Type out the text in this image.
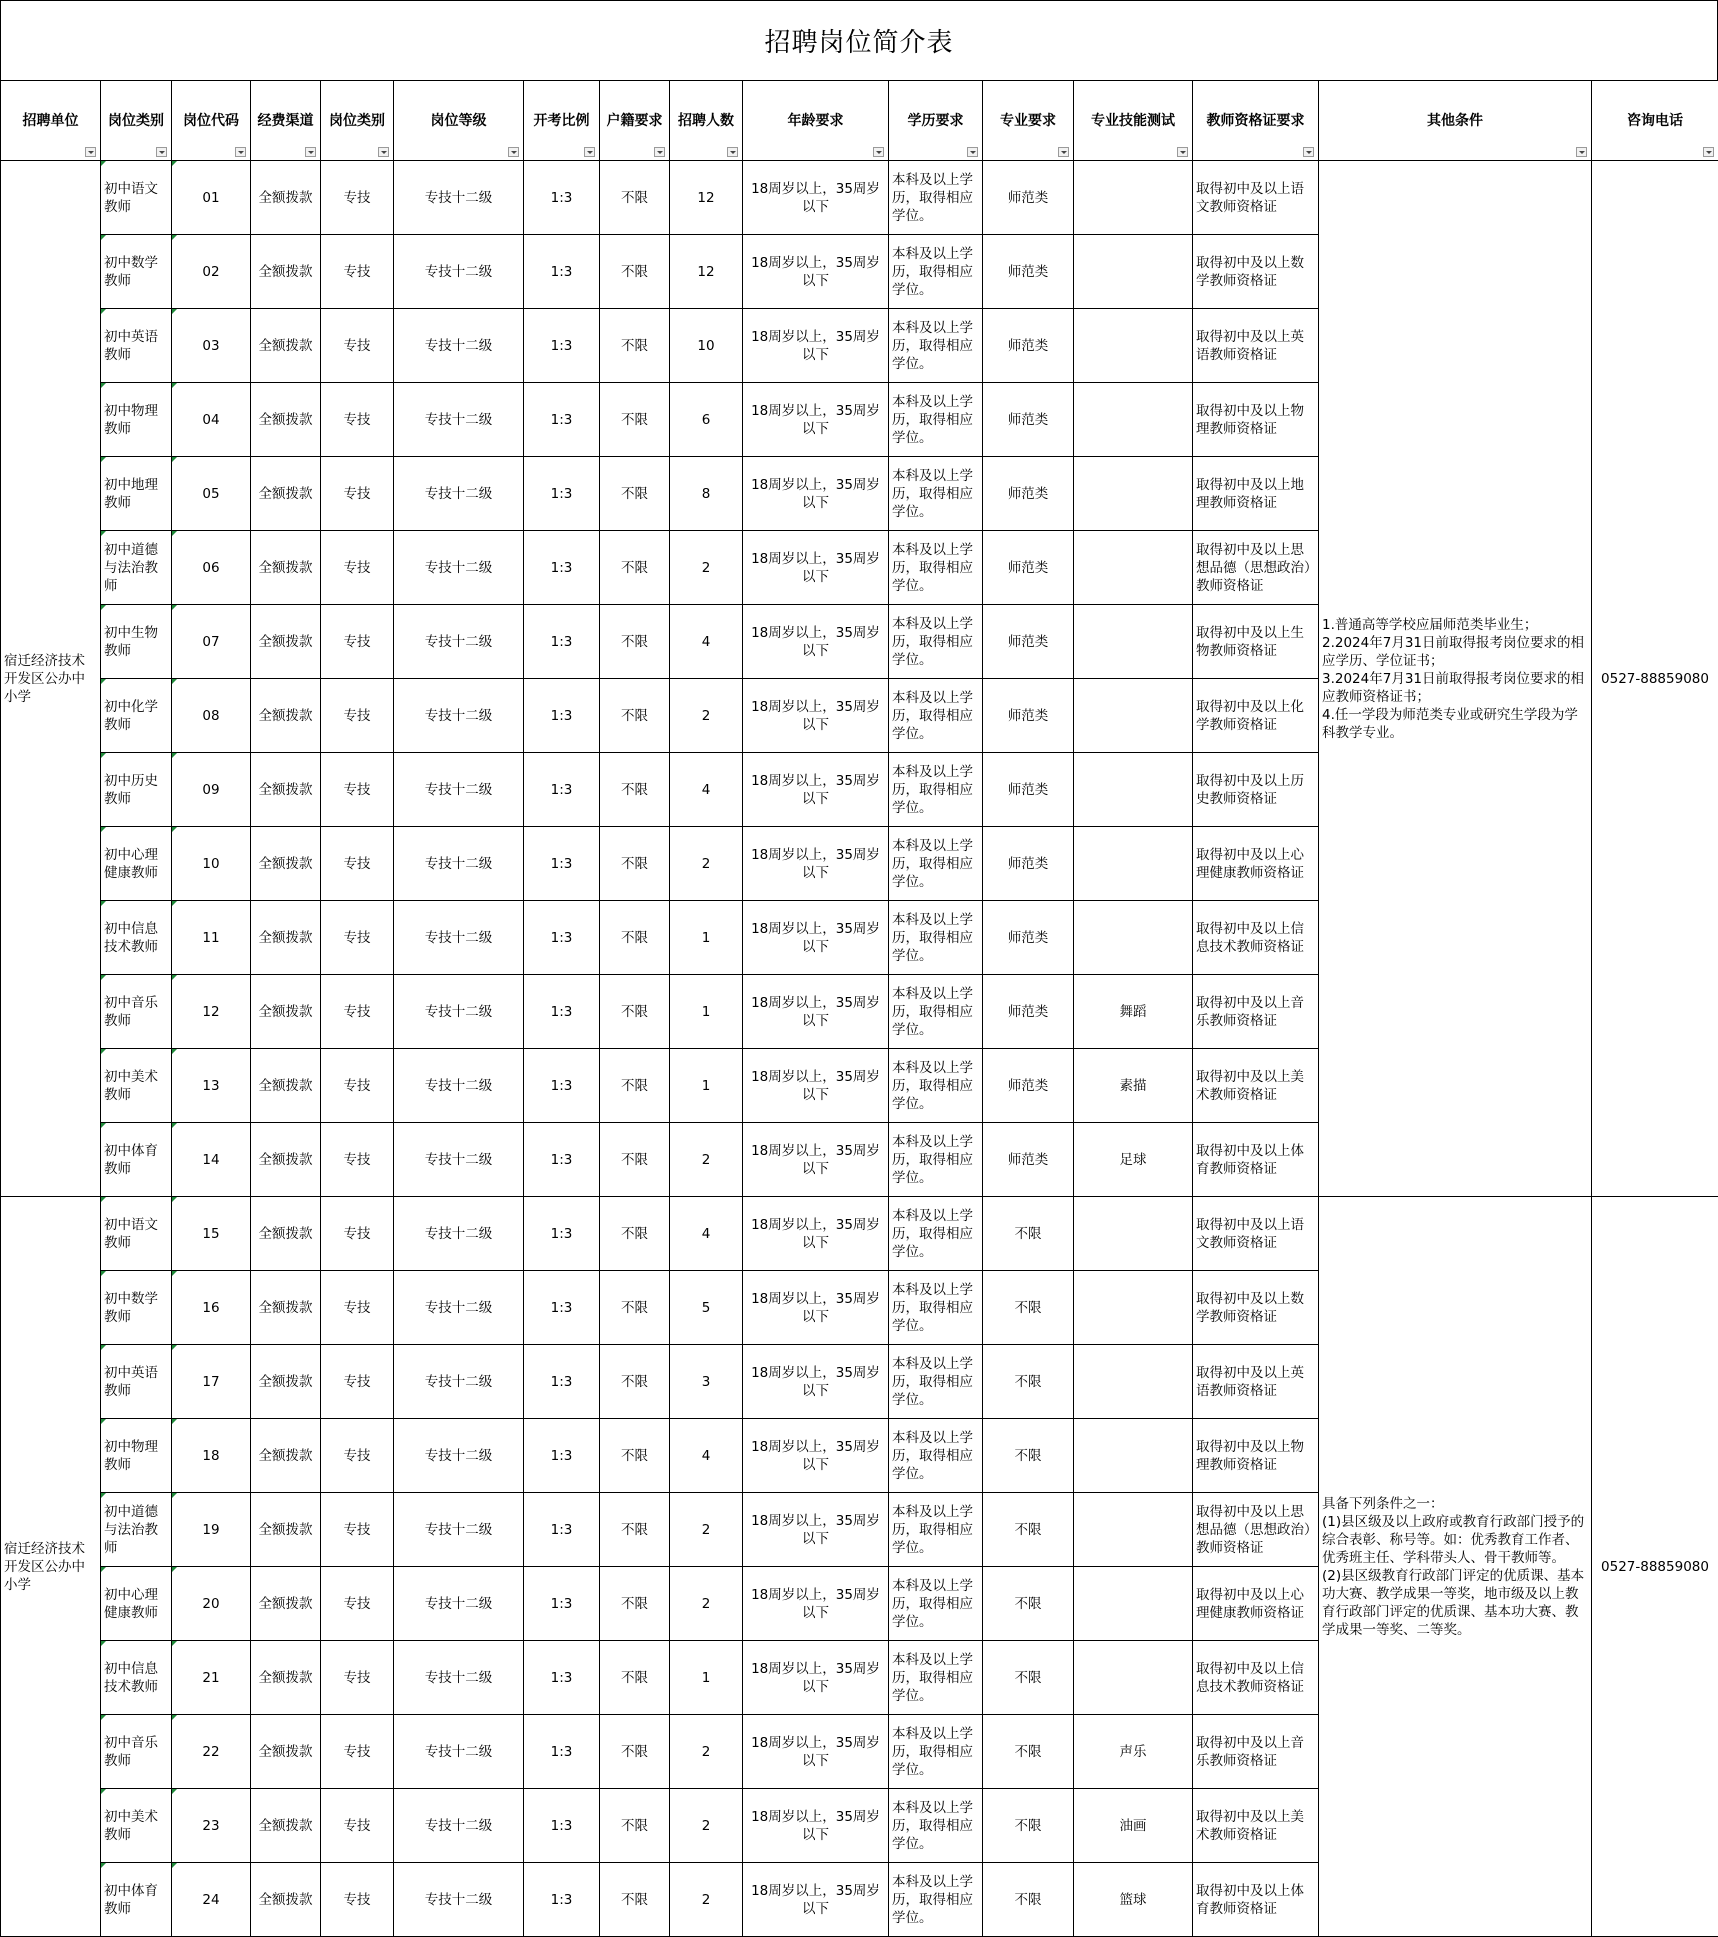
招聘岗位简介表
招聘单位	岗位类别	岗位代码	经费渠道	岗位类别	岗位等级	开考比例	户籍要求	招聘人数	年龄要求	学历要求	专业要求	专业技能测试	教师资格证要求	其他条件	咨询电话

宿迁经济技术开发区公办中小学	初中语文教师	01	全额拨款	专技	专技十二级	1:3	不限	12	18周岁以上，35周岁以下	本科及以上学历，取得相应学位。	师范类		取得初中及以上语文教师资格证	1.普通高等学校应届师范类毕业生；
2.2024年7月31日前取得报考岗位要求的相应学历、学位证书；
3.2024年7月31日前取得报考岗位要求的相应教师资格证书；
4.任一学段为师范类专业或研究生学段为学科教学专业。	0527-88859080
	初中数学教师	02	全额拨款	专技	专技十二级	1:3	不限	12	18周岁以上，35周岁以下	本科及以上学历，取得相应学位。	师范类		取得初中及以上数学教师资格证		
	初中英语教师	03	全额拨款	专技	专技十二级	1:3	不限	10	18周岁以上，35周岁以下	本科及以上学历，取得相应学位。	师范类		取得初中及以上英语教师资格证		
	初中物理教师	04	全额拨款	专技	专技十二级	1:3	不限	6	18周岁以上，35周岁以下	本科及以上学历，取得相应学位。	师范类		取得初中及以上物理教师资格证		
	初中地理教师	05	全额拨款	专技	专技十二级	1:3	不限	8	18周岁以上，35周岁以下	本科及以上学历，取得相应学位。	师范类		取得初中及以上地理教师资格证		
	初中道德与法治教师	06	全额拨款	专技	专技十二级	1:3	不限	2	18周岁以上，35周岁以下	本科及以上学历，取得相应学位。	师范类		取得初中及以上思想品德（思想政治）教师资格证		
	初中生物教师	07	全额拨款	专技	专技十二级	1:3	不限	4	18周岁以上，35周岁以下	本科及以上学历，取得相应学位。	师范类		取得初中及以上生物教师资格证		
	初中化学教师	08	全额拨款	专技	专技十二级	1:3	不限	2	18周岁以上，35周岁以下	本科及以上学历，取得相应学位。	师范类		取得初中及以上化学教师资格证		
	初中历史教师	09	全额拨款	专技	专技十二级	1:3	不限	4	18周岁以上，35周岁以下	本科及以上学历，取得相应学位。	师范类		取得初中及以上历史教师资格证		
	初中心理健康教师	10	全额拨款	专技	专技十二级	1:3	不限	2	18周岁以上，35周岁以下	本科及以上学历，取得相应学位。	师范类		取得初中及以上心理健康教师资格证		
	初中信息技术教师	11	全额拨款	专技	专技十二级	1:3	不限	1	18周岁以上，35周岁以下	本科及以上学历，取得相应学位。	师范类		取得初中及以上信息技术教师资格证		
	初中音乐教师	12	全额拨款	专技	专技十二级	1:3	不限	1	18周岁以上，35周岁以下	本科及以上学历，取得相应学位。	师范类	舞蹈	取得初中及以上音乐教师资格证		
	初中美术教师	13	全额拨款	专技	专技十二级	1:3	不限	1	18周岁以上，35周岁以下	本科及以上学历，取得相应学位。	师范类	素描	取得初中及以上美术教师资格证		
	初中体育教师	14	全额拨款	专技	专技十二级	1:3	不限	2	18周岁以上，35周岁以下	本科及以上学历，取得相应学位。	师范类	足球	取得初中及以上体育教师资格证		
宿迁经济技术开发区公办中小学	初中语文教师	15	全额拨款	专技	专技十二级	1:3	不限	4	18周岁以上，35周岁以下	本科及以上学历，取得相应学位。	不限		取得初中及以上语文教师资格证	具备下列条件之一：
(1)县区级及以上政府或教育行政部门授予的综合表彰、称号等。如：优秀教育工作者、优秀班主任、学科带头人、骨干教师等。
(2)县区级教育行政部门评定的优质课、基本功大赛、教学成果一等奖，地市级及以上教育行政部门评定的优质课、基本功大赛、教学成果一等奖、二等奖。	0527-88859080
	初中数学教师	16	全额拨款	专技	专技十二级	1:3	不限	5	18周岁以上，35周岁以下	本科及以上学历，取得相应学位。	不限		取得初中及以上数学教师资格证		
	初中英语教师	17	全额拨款	专技	专技十二级	1:3	不限	3	18周岁以上，35周岁以下	本科及以上学历，取得相应学位。	不限		取得初中及以上英语教师资格证		
	初中物理教师	18	全额拨款	专技	专技十二级	1:3	不限	4	18周岁以上，35周岁以下	本科及以上学历，取得相应学位。	不限		取得初中及以上物理教师资格证		
	初中道德与法治教师	19	全额拨款	专技	专技十二级	1:3	不限	2	18周岁以上，35周岁以下	本科及以上学历，取得相应学位。	不限		取得初中及以上思想品德（思想政治）教师资格证		
	初中心理健康教师	20	全额拨款	专技	专技十二级	1:3	不限	2	18周岁以上，35周岁以下	本科及以上学历，取得相应学位。	不限		取得初中及以上心理健康教师资格证		
	初中信息技术教师	21	全额拨款	专技	专技十二级	1:3	不限	1	18周岁以上，35周岁以下	本科及以上学历，取得相应学位。	不限		取得初中及以上信息技术教师资格证		
	初中音乐教师	22	全额拨款	专技	专技十二级	1:3	不限	2	18周岁以上，35周岁以下	本科及以上学历，取得相应学位。	不限	声乐	取得初中及以上音乐教师资格证		
	初中美术教师	23	全额拨款	专技	专技十二级	1:3	不限	2	18周岁以上，35周岁以下	本科及以上学历，取得相应学位。	不限	油画	取得初中及以上美术教师资格证		
	初中体育教师	24	全额拨款	专技	专技十二级	1:3	不限	2	18周岁以上，35周岁以下	本科及以上学历，取得相应学位。	不限	篮球	取得初中及以上体育教师资格证		
